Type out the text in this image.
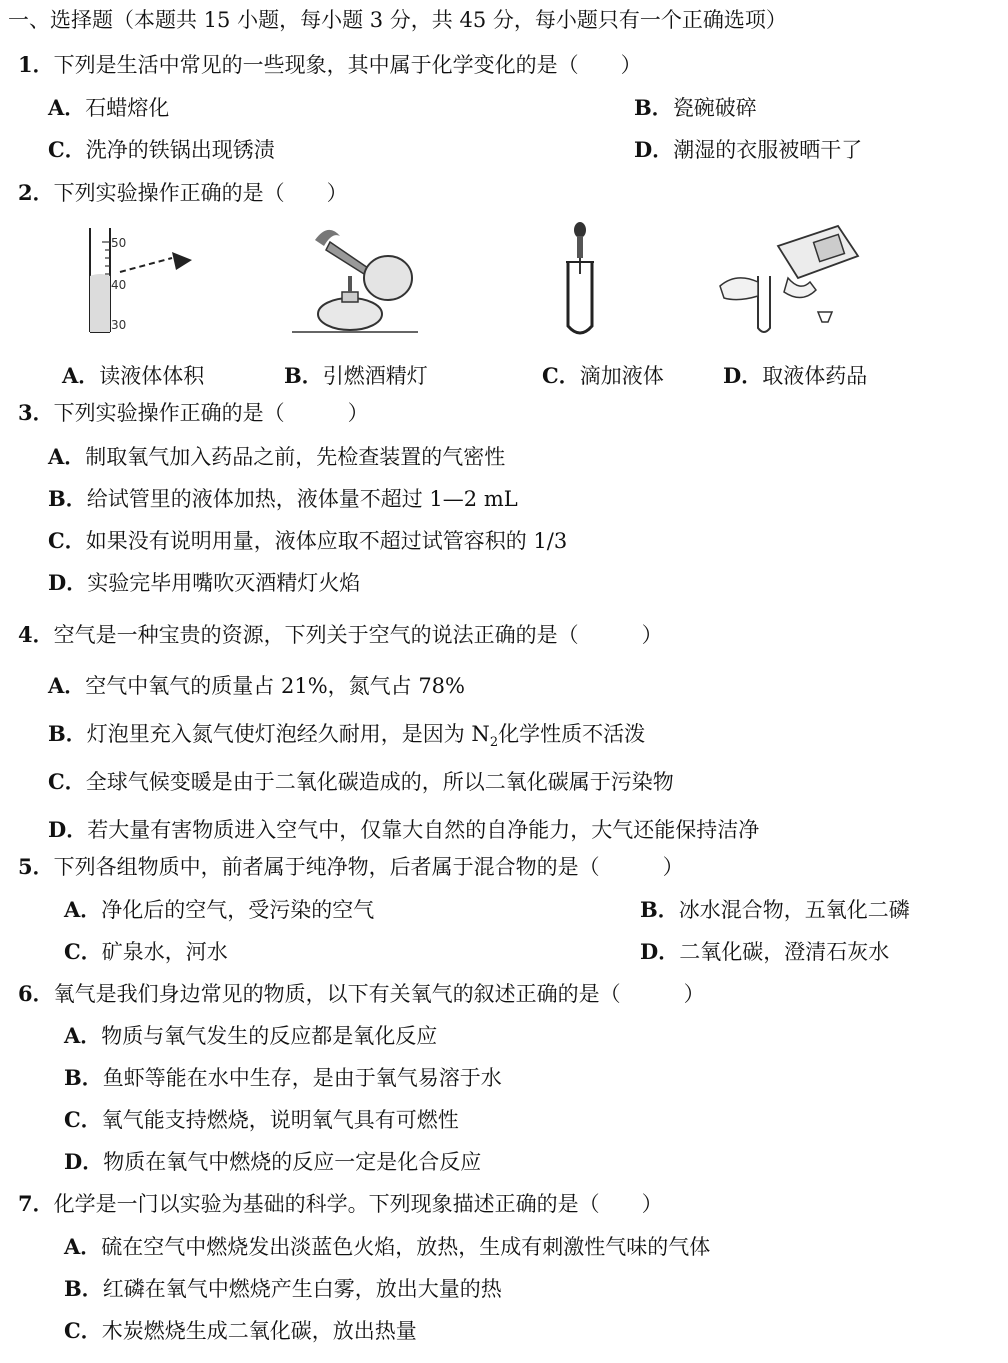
一、选择题（本题共 15 小题，每小题 3 分，共 45 分，每小题只有一个正确选项）
1．下列是生活中常见的一些现象，其中属于化学变化的是（　　）
A．石蜡熔化	B．瓷碗破碎
C．洗净的铁锅出现锈渍	D．潮湿的衣服被晒干了
2．下列实验操作正确的是（　　）
50
40
30
A．读液体体积	B．引燃酒精灯	C．滴加液体	D．取液体药品
3．下列实验操作正确的是（　　　）
A．制取氧气加入药品之前，先检查装置的气密性
B．给试管里的液体加热，液体量不超过 1—2 mL
C．如果没有说明用量，液体应取不超过试管容积的 1/3
D．实验完毕用嘴吹灭酒精灯火焰
4．空气是一种宝贵的资源，下列关于空气的说法正确的是（　　　）
A．空气中氧气的质量占 21%，氮气占 78%
B．灯泡里充入氮气使灯泡经久耐用，是因为 $N_2$化学性质不活泼
C．全球气候变暖是由于二氧化碳造成的，所以二氧化碳属于污染物
D．若大量有害物质进入空气中，仅靠大自然的自净能力，大气还能保持洁净
5．下列各组物质中，前者属于纯净物，后者属于混合物的是（　　　）
A．净化后的空气，受污染的空气	B．冰水混合物，五氧化二磷
C．矿泉水，河水	D．二氧化碳，澄清石灰水
6．氧气是我们身边常见的物质，以下有关氧气的叙述正确的是（　　　）
A．物质与氧气发生的反应都是氧化反应
B．鱼虾等能在水中生存，是由于氧气易溶于水
C．氧气能支持燃烧，说明氧气具有可燃性
D．物质在氧气中燃烧的反应一定是化合反应
7．化学是一门以实验为基础的科学。下列现象描述正确的是（　　）
A．硫在空气中燃烧发出淡蓝色火焰，放热，生成有刺激性气味的气体
B．红磷在氧气中燃烧产生白雾，放出大量的热
C．木炭燃烧生成二氧化碳，放出热量
